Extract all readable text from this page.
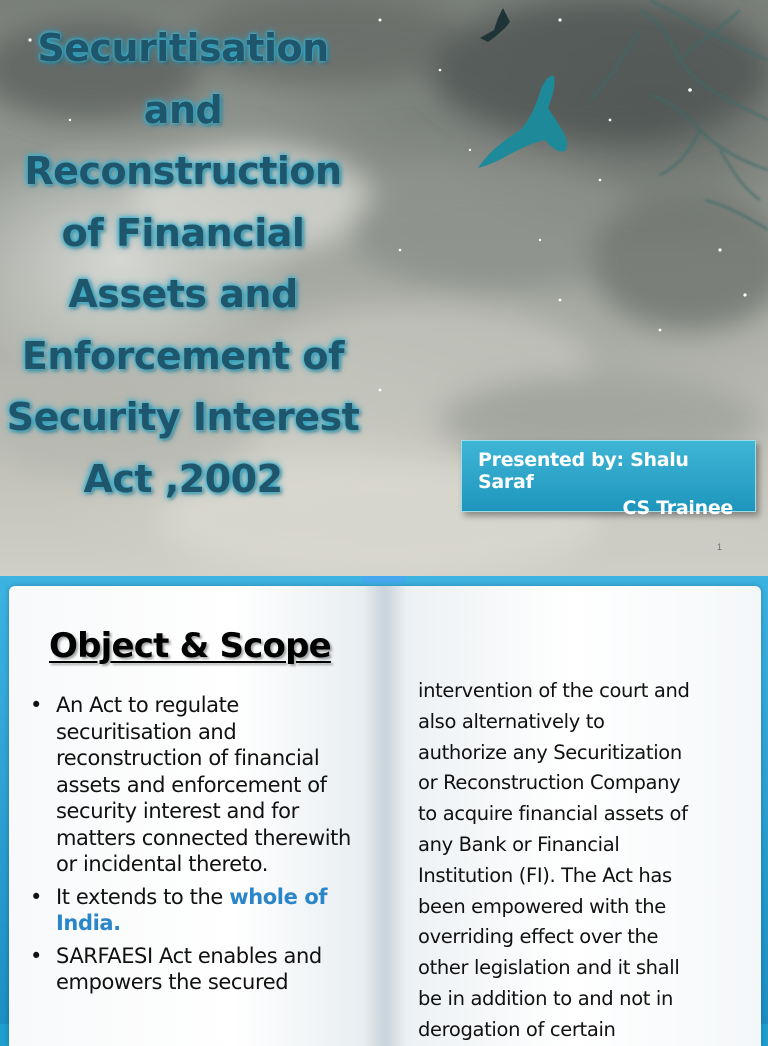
Securitisation
and
Reconstruction
of Financial
Assets and
Enforcement of
Security Interest
Act ,2002	Presented by: Shalu Saraf
CS Trainee
1
Object & Scope
• An Act to regulate securitisation and reconstruction of financial assets and enforcement of security interest and for matters connected therewith or incidental thereto.
• It extends to the whole of India.
• SARFAESI Act enables and empowers the secured
intervention of the court and
also alternatively to
authorize any Securitization
or Reconstruction Company
to acquire financial assets of
any Bank or Financial
Institution (FI). The Act has
been empowered with the
overriding effect over the
other legislation and it shall
be in addition to and not in
derogation of certain
